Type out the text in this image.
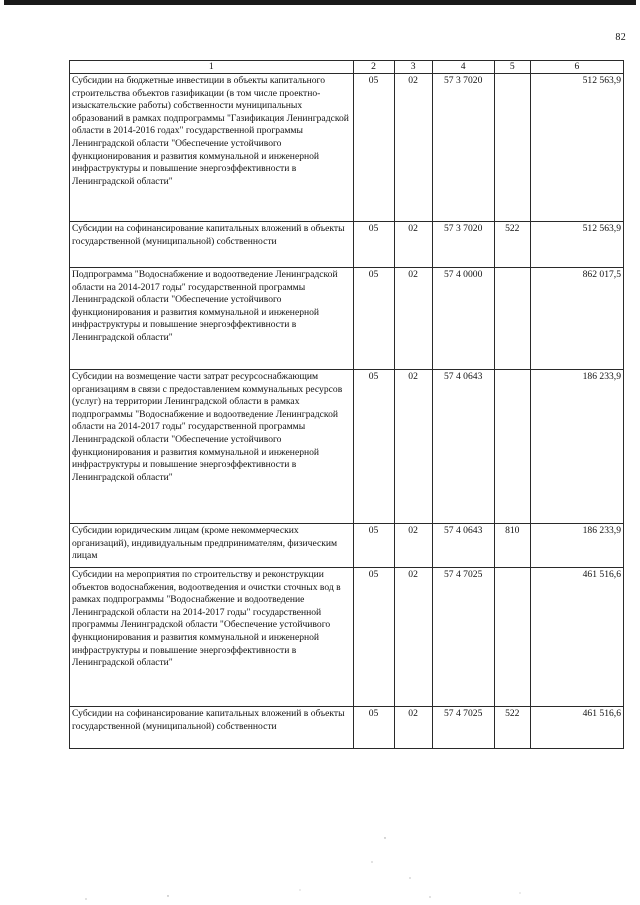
82
1	2	3	4	5	6
Субсидии на бюджетные инвестиции в объекты капитального строительства объектов газификации (в том числе проектно-изыскательские работы) собственности муниципальных образований в рамках подпрограммы "Газификация Ленинградской области в 2014-2016 годах" государственной программы Ленинградской области "Обеспечение устойчивого функционирования и развития коммунальной и инженерной инфраструктуры и повышение энергоэффективности в Ленинградской области"	05	02	57 3 7020		512 563,9
Субсидии на софинансирование капитальных вложений в объекты государственной (муниципальной) собственности	05	02	57 3 7020	522	512 563,9
Подпрограмма "Водоснабжение и водоотведение Ленинградской области на 2014-2017 годы" государственной программы Ленинградской области "Обеспечение устойчивого функционирования и развития коммунальной и инженерной инфраструктуры и повышение энергоэффективности в Ленинградской области"	05	02	57 4 0000		862 017,5
Субсидии на возмещение части затрат ресурсоснабжающим организациям в связи с предоставлением коммунальных ресурсов (услуг) на территории Ленинградской области в рамках подпрограммы "Водоснабжение и водоотведение Ленинградской области на 2014-2017 годы" государственной программы Ленинградской области "Обеспечение устойчивого функционирования и развития коммунальной и инженерной инфраструктуры и повышение энергоэффективности в Ленинградской области"	05	02	57 4 0643		186 233,9
Субсидии юридическим лицам (кроме некоммерческих организаций), индивидуальным предпринимателям, физическим лицам	05	02	57 4 0643	810	186 233,9
Субсидии на мероприятия по строительству и реконструкции объектов водоснабжения, водоотведения и очистки сточных вод в рамках подпрограммы "Водоснабжение и водоотведение Ленинградской области на 2014-2017 годы" государственной программы Ленинградской области "Обеспечение устойчивого функционирования и развития коммунальной и инженерной инфраструктуры и повышение энергоэффективности в Ленинградской области"	05	02	57 4 7025		461 516,6
Субсидии на софинансирование капитальных вложений в объекты государственной (муниципальной) собственности	05	02	57 4 7025	522	461 516,6
